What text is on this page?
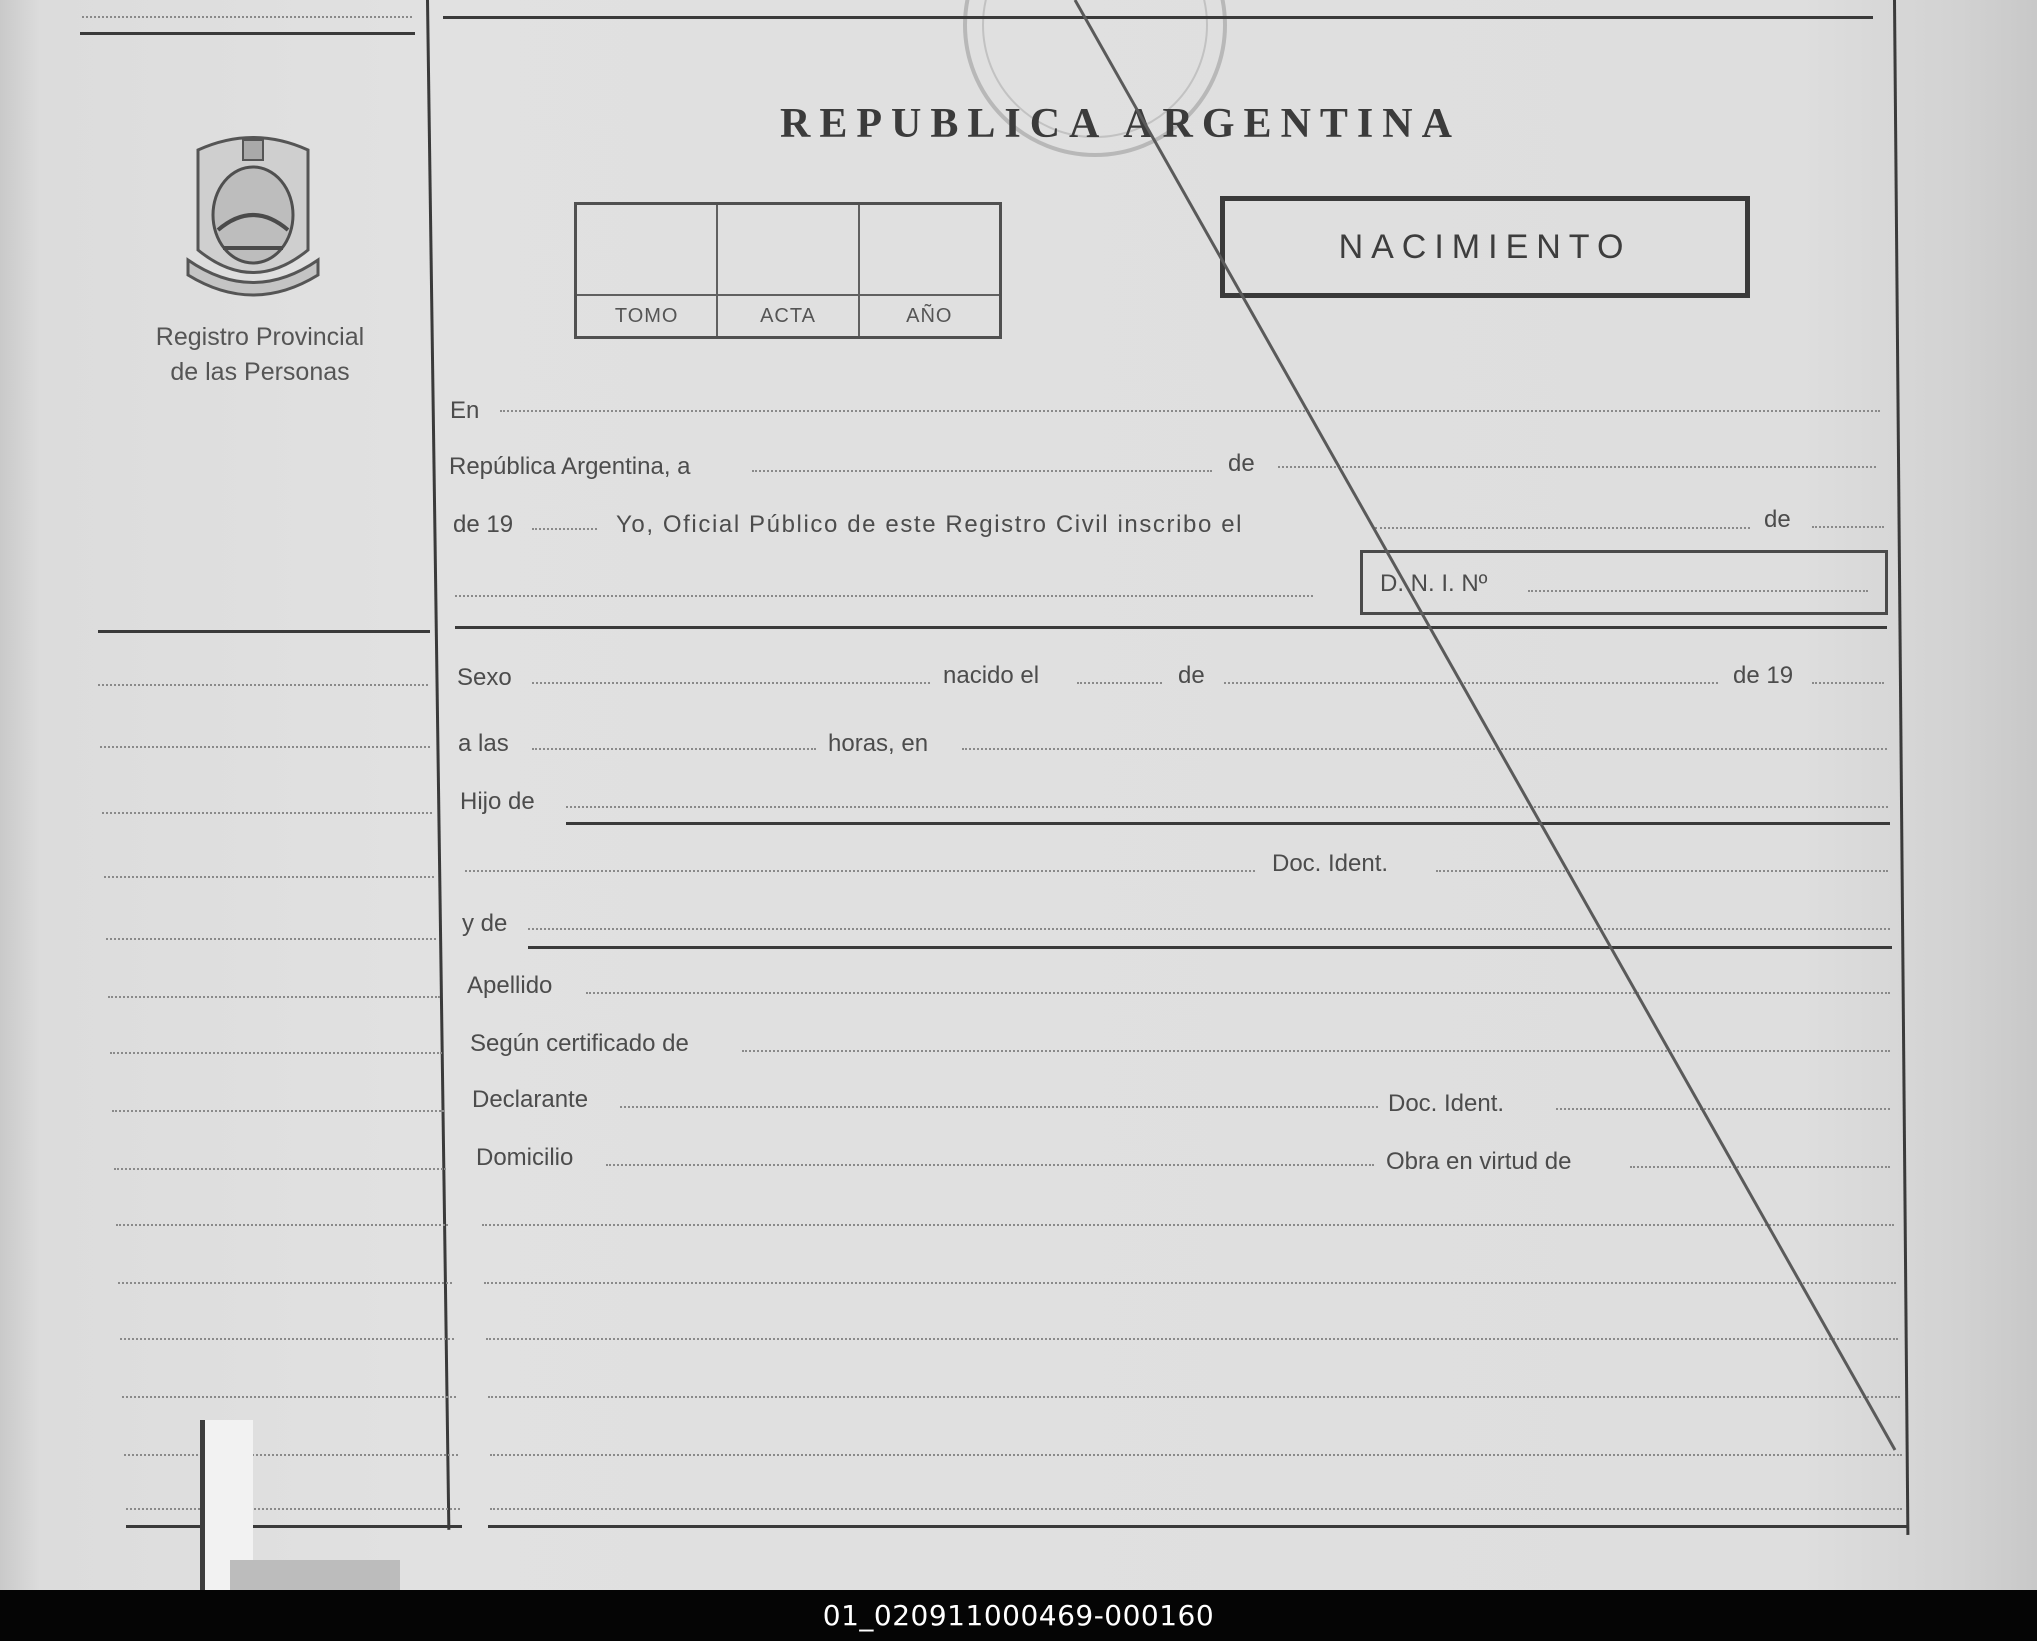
Registro Provincial
de las Personas
REPUBLICA ARGENTINA
TOMO	ACTA	AÑO
NACIMIENTO
En
República Argentina, a	de
de 19	Yo, Oficial Público de este Registro Civil inscribo el	de
D. N. I. Nº
Sexo	nacido el	de	de 19
a las	horas, en
Hijo de
Doc. Ident.
y de
Apellido
Según certificado de
Declarante	Doc. Ident.
Domicilio	Obra en virtud de
01_020911000469-000160
